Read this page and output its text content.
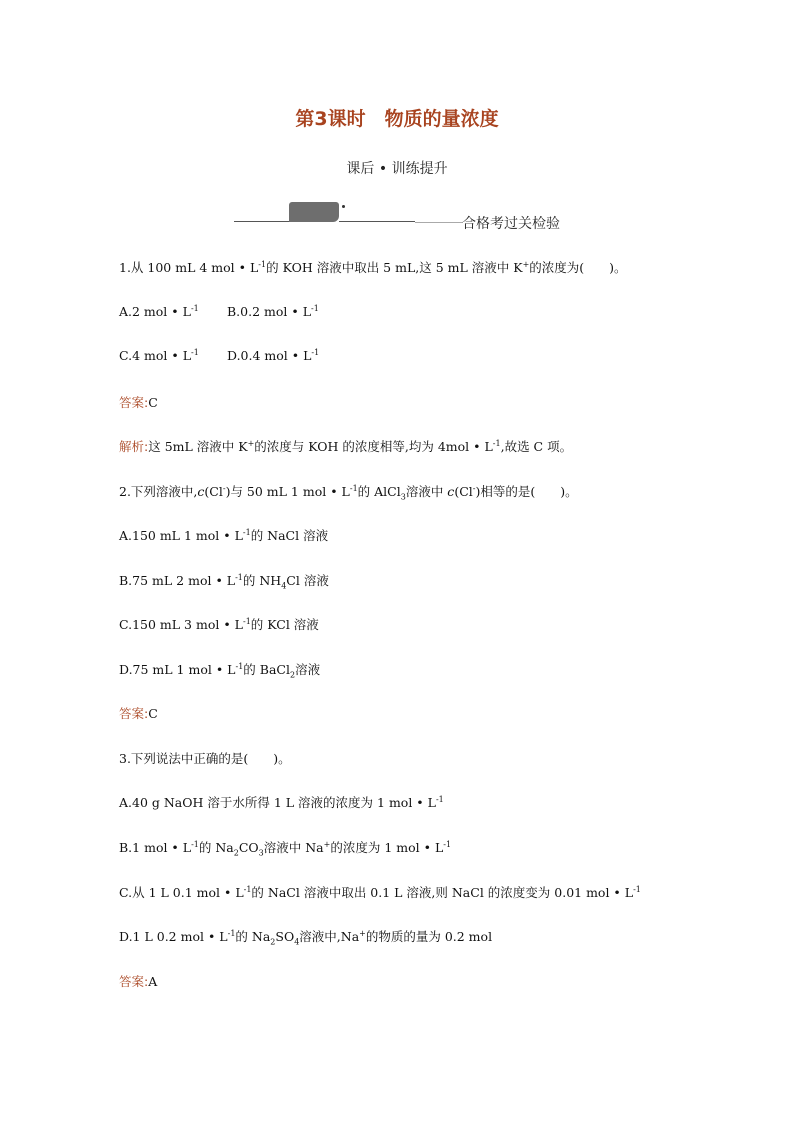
第3课时　物质的量浓度
课后 • 训练提升
合格考过关检验
1.从 100 mL 4 mol • $L^{-1}$的 KOH 溶液中取出 5 mL,这 5 mL 溶液中 K+的浓度为(　　)。
A.2 mol • $L^{-1}$ B.0.2 mol • $L^{-1}$
C.4 mol • $L^{-1}$ D.0.4 mol • $L^{-1}$
答案:C
解析:这 5mL 溶液中 K+的浓度与 KOH 的浓度相等,均为 4mol • $L^{-1}$,故选 C 项。
2.下列溶液中,c(Cl-)与 50 mL 1 mol • $L^{-1}$的 AlCl$_3$溶液中 c(Cl-)相等的是(　　)。
A.150 mL 1 mol • $L^{-1}$的 NaCl 溶液
B.75 mL 2 mol • $L^{-1}$的 $NH_4Cl$ 溶液
C.150 mL 3 mol • $L^{-1}$的 KCl 溶液
D.75 mL 1 mol • $L^{-1}$的 BaCl$_2$溶液
答案:C
3.下列说法中正确的是(　　)。
A.40 g NaOH 溶于水所得 1 L 溶液的浓度为 1 mol • $L^{-1}$
B.1 mol • $L^{-1}$的 $Na_2CO_3$溶液中 Na+的浓度为 1 mol • $L^{-1}$
C.从 1 L 0.1 mol • $L^{-1}$的 NaCl 溶液中取出 0.1 L 溶液,则 NaCl 的浓度变为 0.01 mol • $L^{-1}$
D.1 L 0.2 mol • $L^{-1}$的 $Na_2SO_4$溶液中,Na+的物质的量为 0.2 mol
答案:A
